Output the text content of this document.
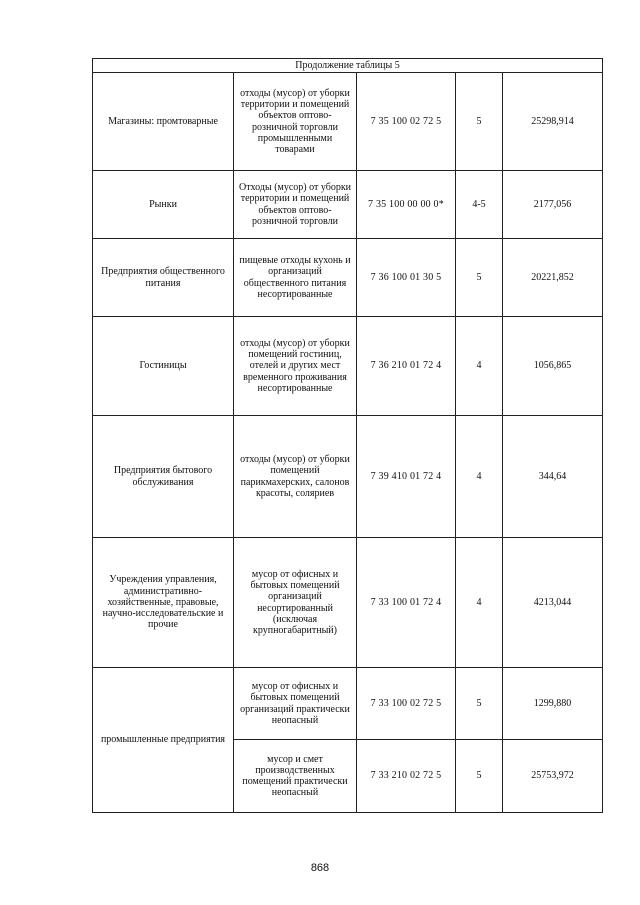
Продолжение таблицы 5				
Магазины: промтоварные	отходы (мусор) от уборки территории и помещений объектов оптово-розничной торговли промышленными товарами	7 35 100 02 72 5	5	25298,914
Рынки	Отходы (мусор) от уборки территории и помещений объектов оптово-розничной торговли	7 35 100 00 00 0*	4-5	2177,056
Предприятия общественного питания	пищевые отходы кухонь и организаций общественного питания несортированные	7 36 100 01 30 5	5	20221,852
Гостиницы	отходы (мусор) от уборки помещений гостиниц, отелей и других мест временного проживания несортированные	7 36 210 01 72 4	4	1056,865
Предприятия бытового обслуживания	отходы (мусор) от уборки помещений парикмахерских, салонов красоты, соляриев	7 39 410 01 72 4	4	344,64
Учреждения управления, административно-хозяйственные, правовые, научно-исследовательские и прочие	мусор от офисных и бытовых помещений организаций несортированный (исключая крупногабаритный)	7 33 100 01 72 4	4	4213,044
промышленные предприятия	мусор от офисных и бытовых помещений организаций практически неопасный	7 33 100 02 72 5	5	1299,880
	мусор и смет производственных помещений практически неопасный	7 33 210 02 72 5	5	25753,972
868
